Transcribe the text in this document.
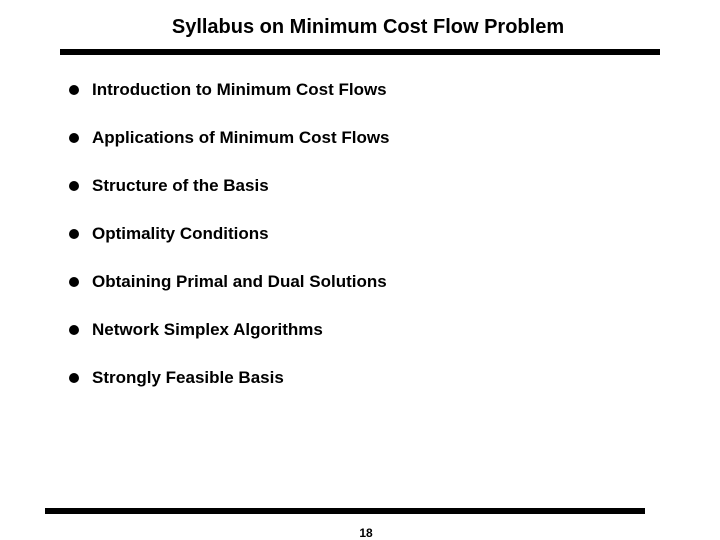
Syllabus on Minimum Cost Flow Problem
Introduction to Minimum Cost Flows
Applications of Minimum Cost Flows
Structure of the Basis
Optimality Conditions
Obtaining Primal and Dual Solutions
Network Simplex Algorithms
Strongly Feasible Basis
18
